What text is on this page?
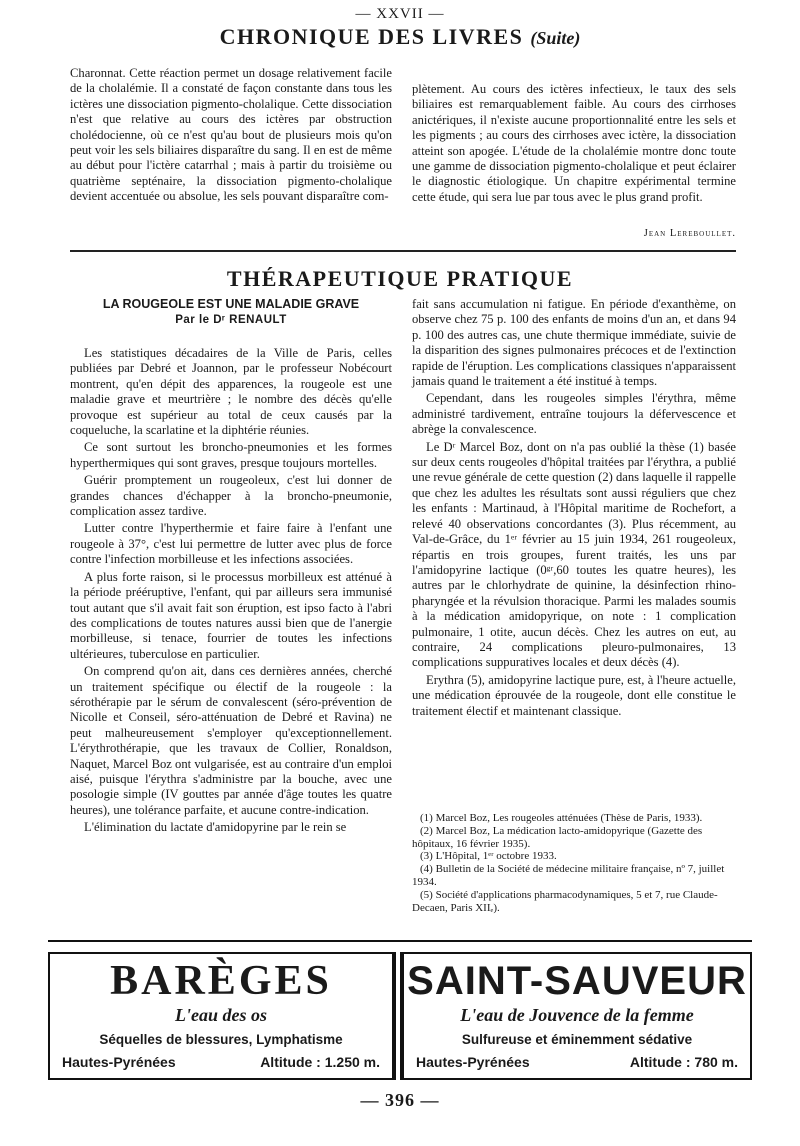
— XXVII —
CHRONIQUE DES LIVRES (Suite)

Charonnat. Cette réaction permet un dosage relativement facile de la cholalémie. Il a constaté de façon constante dans tous les ictères une dissociation pigmento-cholalique. Cette dissociation n'est que relative au cours des ictères par obstruction cholédocienne, où ce n'est qu'au bout de plusieurs mois qu'on peut voir les sels biliaires disparaître du sang. Il en est de même au début pour l'ictère catarrhal ; mais à partir du troisième ou quatrième septénaire, la dissociation pigmento-cholalique devient accentuée ou absolue, les sels pouvant disparaître com-

plètement. Au cours des ictères infectieux, le taux des sels biliaires est remarquablement faible. Au cours des cirrhoses anictériques, il n'existe aucune proportionnalité entre les sels et les pigments ; au cours des cirrhoses avec ictère, la dissociation atteint son apogée. L'étude de la cholalémie montre donc toute une gamme de dissociation pigmento-cholalique et peut éclairer le diagnostic étiologique. Un chapitre expérimental termine cette étude, qui sera lue par tous avec le plus grand profit.

Jean Lereboullet.
THÉRAPEUTIQUE PRATIQUE
LA ROUGEOLE EST UNE MALADIE GRAVE
Par le Dʳ RENAULT

Les statistiques décadaires de la Ville de Paris, celles publiées par Debré et Joannon, par le professeur Nobécourt montrent, qu'en dépit des apparences, la rougeole est une maladie grave et meurtrière ; le nombre des décès qu'elle provoque est supérieur au total de ceux causés par la coqueluche, la scarlatine et la diphtérie réunies.

Ce sont surtout les broncho-pneumonies et les formes hyperthermiques qui sont graves, presque toujours mortelles.

Guérir promptement un rougeoleux, c'est lui donner de grandes chances d'échapper à la broncho-pneumonie, complication assez tardive.

Lutter contre l'hyperthermie et faire faire à l'enfant une rougeole à 37°, c'est lui permettre de lutter avec plus de force contre l'infection morbilleuse et les infections associées.

A plus forte raison, si le processus morbilleux est atténué à la période prééruptive, l'enfant, qui par ailleurs sera immunisé tout autant que s'il avait fait son éruption, est ipso facto à l'abri des complications de toutes natures aussi bien que de l'anergie morbilleuse, si tenace, fourrier de toutes les infections ultérieures, tuberculose en particulier.

On comprend qu'on ait, dans ces dernières années, cherché un traitement spécifique ou électif de la rougeole : la sérothérapie par le sérum de convalescent (séro-prévention de Nicolle et Conseil, séro-atténuation de Debré et Ravina) ne peut malheureusement s'employer qu'exceptionnellement. L'érythrothérapie, que les travaux de Collier, Ronaldson, Naquet, Marcel Boz ont vulgarisée, est au contraire d'un emploi aisé, puisque l'érythra s'administre par la bouche, avec une posologie simple (IV gouttes par année d'âge toutes les quatre heures), une tolérance parfaite, et aucune contre-indication.

L'élimination du lactate d'amidopyrine par le rein se

fait sans accumulation ni fatigue. En période d'exanthème, on observe chez 75 p. 100 des enfants de moins d'un an, et dans 94 p. 100 des autres cas, une chute thermique immédiate, suivie de la disparition des signes pulmonaires précoces et de l'extinction rapide de l'éruption. Les complications classiques n'apparaissent jamais quand le traitement a été institué à temps.

Cependant, dans les rougeoles simples l'érythra, même administré tardivement, entraîne toujours la défervescence et abrège la convalescence.

Le Dʳ Marcel Boz, dont on n'a pas oublié la thèse (1) basée sur deux cents rougeoles d'hôpital traitées par l'érythra, a publié une revue générale de cette question (2) dans laquelle il rappelle que chez les adultes les résultats sont aussi réguliers que chez les enfants : Martinaud, à l'Hôpital maritime de Rochefort, a relevé 40 observations concordantes (3). Plus récemment, au Val-de-Grâce, du 1ᵉʳ février au 15 juin 1934, 261 rougeoleux, répartis en trois groupes, furent traités, les uns par l'amidopyrine lactique (0ᵍʳ,60 toutes les quatre heures), les autres par le chlorhydrate de quinine, la désinfection rhino-pharyngée et la révulsion thoracique. Parmi les malades soumis à la médication amidopyrique, on note : 1 complication pulmonaire, 1 otite, aucun décès. Chez les autres on eut, au contraire, 24 complications pleuro-pulmonaires, 13 complications suppuratives locales et deux décès (4).

Erythra (5), amidopyrine lactique pure, est, à l'heure actuelle, une médication éprouvée de la rougeole, dont elle constitue le traitement électif et maintenant classique.

(1) Marcel Boz, Les rougeoles atténuées (Thèse de Paris, 1933).
(2) Marcel Boz, La médication lacto-amidopyrique (Gazette des hôpitaux, 16 février 1935).
(3) L'Hôpital, 1ᵉʳ octobre 1933.
(4) Bulletin de la Société de médecine militaire française, nº 7, juillet 1934.
(5) Société d'applications pharmacodynamiques, 5 et 7, rue Claude-Decaen, Paris XIIₑ).
BARÈGES
L'eau des os
Séquelles de blessures, Lymphatisme
Hautes-Pyrénées	Altitude : 1.250 m.
SAINT-SAUVEUR
L'eau de Jouvence de la femme
Sulfureuse et éminemment sédative
Hautes-Pyrénées	Altitude : 780 m.
— 396 —
